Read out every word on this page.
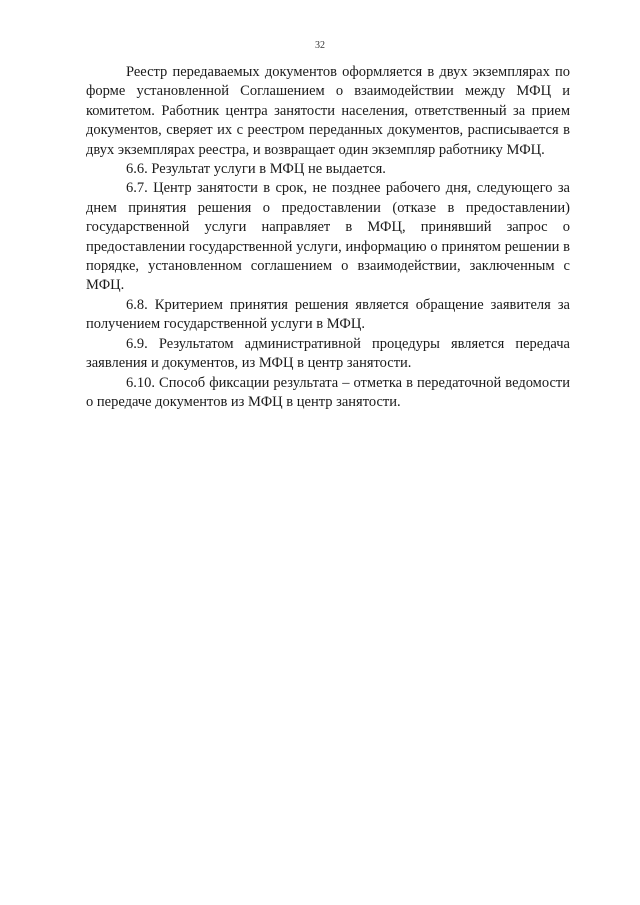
32

Реестр передаваемых документов оформляется в двух экземплярах по форме установленной Соглашением о взаимодействии между МФЦ и комитетом. Работник центра занятости населения, ответственный за прием документов, сверяет их с реестром переданных документов, расписывается в двух экземплярах реестра, и возвращает один экземпляр работнику МФЦ.

6.6. Результат услуги в МФЦ не выдается.

6.7. Центр занятости в срок, не позднее рабочего дня, следующего за днем принятия решения о предоставлении (отказе в предоставлении) государственной услуги направляет в МФЦ, принявший запрос о предоставлении государственной услуги, информацию о принятом решении в порядке, установленном соглашением о взаимодействии, заключенным с МФЦ.

6.8. Критерием принятия решения является обращение заявителя за получением государственной услуги в МФЦ.

6.9. Результатом административной процедуры является передача заявления и документов, из МФЦ в центр занятости.

6.10. Способ фиксации результата – отметка в передаточной ведомости о передаче документов из МФЦ в центр занятости.
